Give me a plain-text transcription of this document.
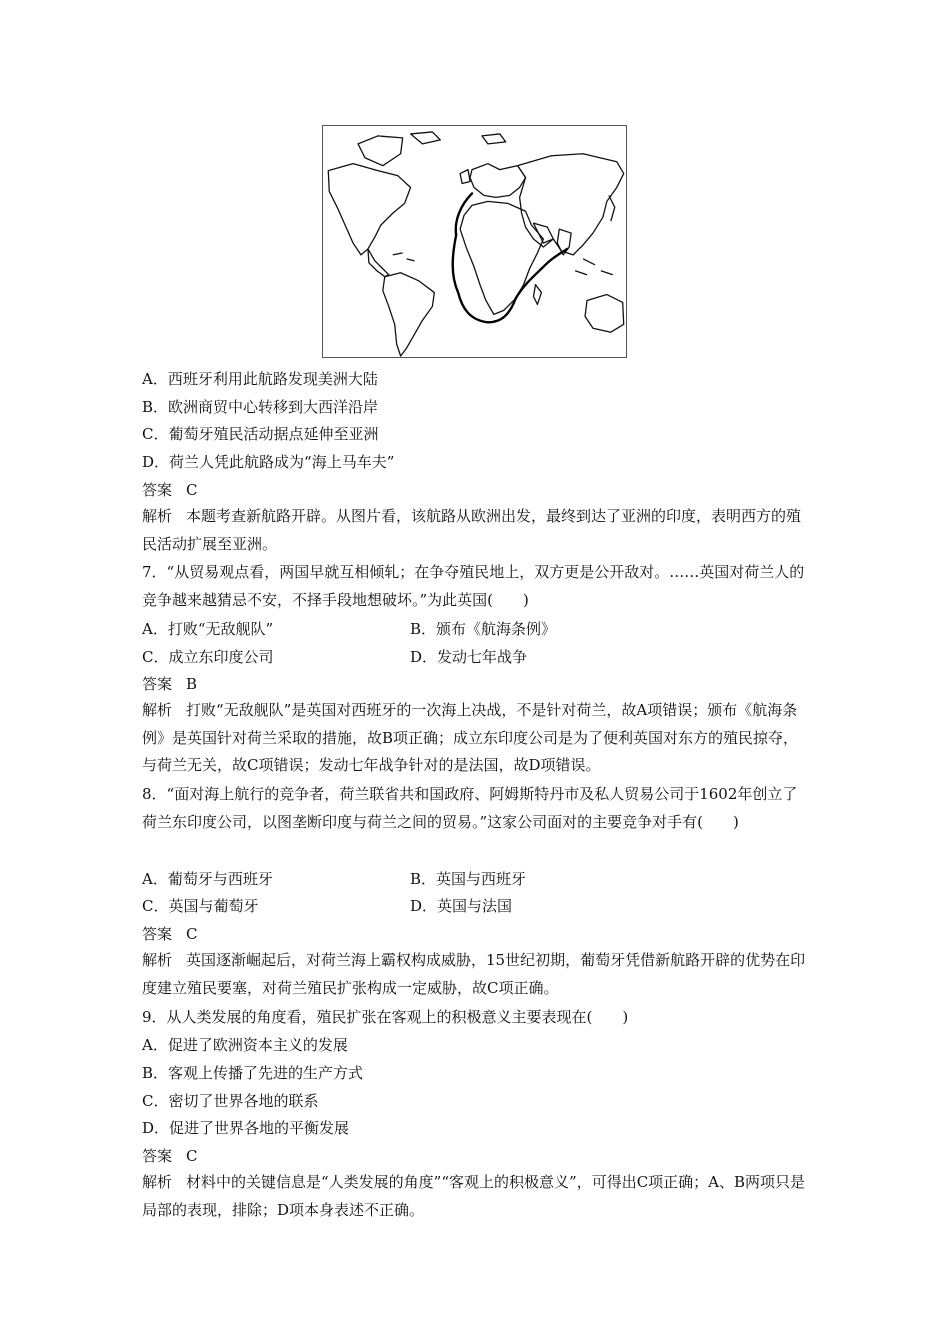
A．西班牙利用此航路发现美洲大陆
B．欧洲商贸中心转移到大西洋沿岸
C．葡萄牙殖民活动据点延伸至亚洲
D．荷兰人凭此航路成为“海上马车夫”
答案 C
解析 本题考查新航路开辟。从图片看，该航路从欧洲出发，最终到达了亚洲的印度，表明西方的殖民活动扩展至亚洲。
7．“从贸易观点看，两国早就互相倾轧；在争夺殖民地上，双方更是公开敌对。……英国对荷兰人的竞争越来越猜忌不安，不择手段地想破坏。”为此英国(　　)
A．打败“无敌舰队”	B．颁布《航海条例》
C．成立东印度公司	D．发动七年战争
答案 B
解析 打败“无敌舰队”是英国对西班牙的一次海上决战，不是针对荷兰，故A项错误；颁布《航海条例》是英国针对荷兰采取的措施，故B项正确；成立东印度公司是为了便利英国对东方的殖民掠夺，与荷兰无关，故C项错误；发动七年战争针对的是法国，故D项错误。
8．“面对海上航行的竞争者，荷兰联省共和国政府、阿姆斯特丹市及私人贸易公司于1602年创立了荷兰东印度公司，以图垄断印度与荷兰之间的贸易。”这家公司面对的主要竞争对手有(　　)
A．葡萄牙与西班牙	B．英国与西班牙
C．英国与葡萄牙	D．英国与法国
答案 C
解析 英国逐渐崛起后，对荷兰海上霸权构成威胁，15世纪初期，葡萄牙凭借新航路开辟的优势在印度建立殖民要塞，对荷兰殖民扩张构成一定威胁，故C项正确。
9．从人类发展的角度看，殖民扩张在客观上的积极意义主要表现在(　　)
A．促进了欧洲资本主义的发展
B．客观上传播了先进的生产方式
C．密切了世界各地的联系
D．促进了世界各地的平衡发展
答案 C
解析 材料中的关键信息是“人类发展的角度”“客观上的积极意义”，可得出C项正确；A、B两项只是局部的表现，排除；D项本身表述不正确。
